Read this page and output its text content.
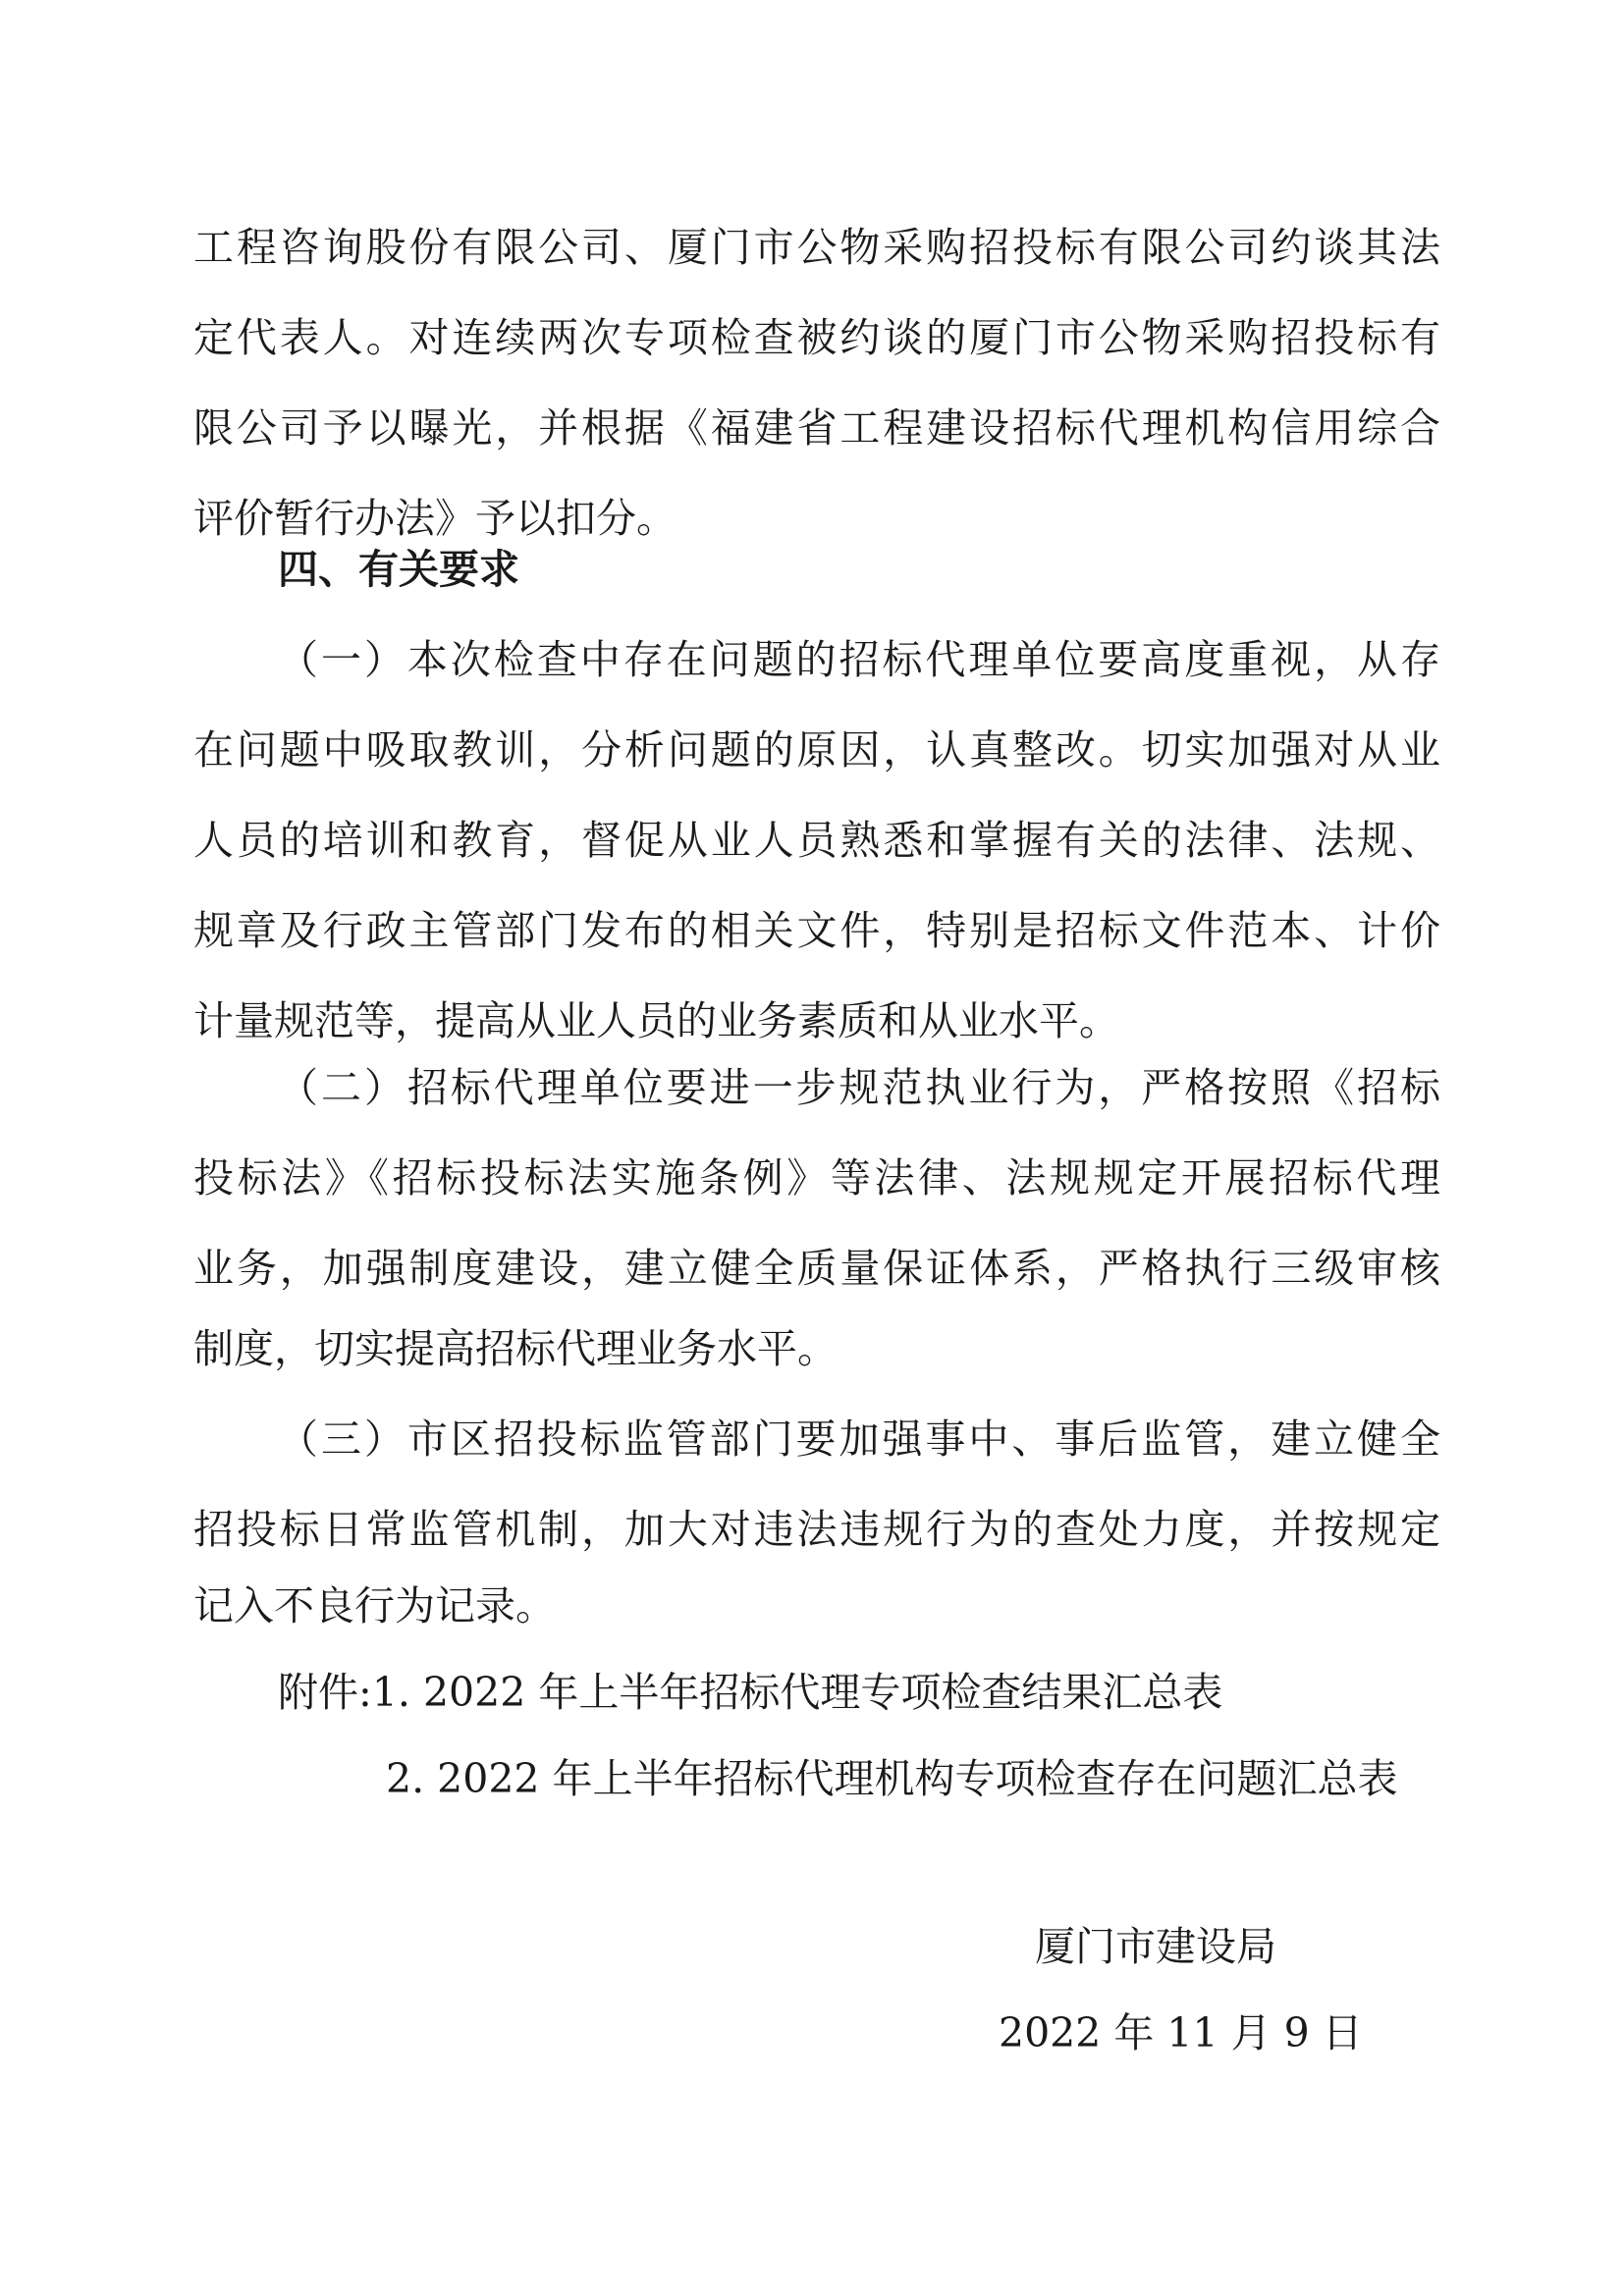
工程咨询股份有限公司、厦门市公物采购招投标有限公司约谈其法
定代表人。对连续两次专项检查被约谈的厦门市公物采购招投标有
限公司予以曝光，并根据《福建省工程建设招标代理机构信用综合
评价暂行办法》予以扣分。
四、有关要求
（一）本次检查中存在问题的招标代理单位要高度重视，从存
在问题中吸取教训，分析问题的原因，认真整改。切实加强对从业
人员的培训和教育，督促从业人员熟悉和掌握有关的法律、法规、
规章及行政主管部门发布的相关文件，特别是招标文件范本、计价
计量规范等，提高从业人员的业务素质和从业水平。
（二）招标代理单位要进一步规范执业行为，严格按照《招标
投标法》《招标投标法实施条例》等法律、法规规定开展招标代理
业务，加强制度建设，建立健全质量保证体系，严格执行三级审核
制度，切实提高招标代理业务水平。
（三）市区招投标监管部门要加强事中、事后监管，建立健全
招投标日常监管机制，加大对违法违规行为的查处力度，并按规定
记入不良行为记录。
附件:1. 2022 年上半年招标代理专项检查结果汇总表
2. 2022 年上半年招标代理机构专项检查存在问题汇总表
厦门市建设局
2022 年 11 月 9 日
